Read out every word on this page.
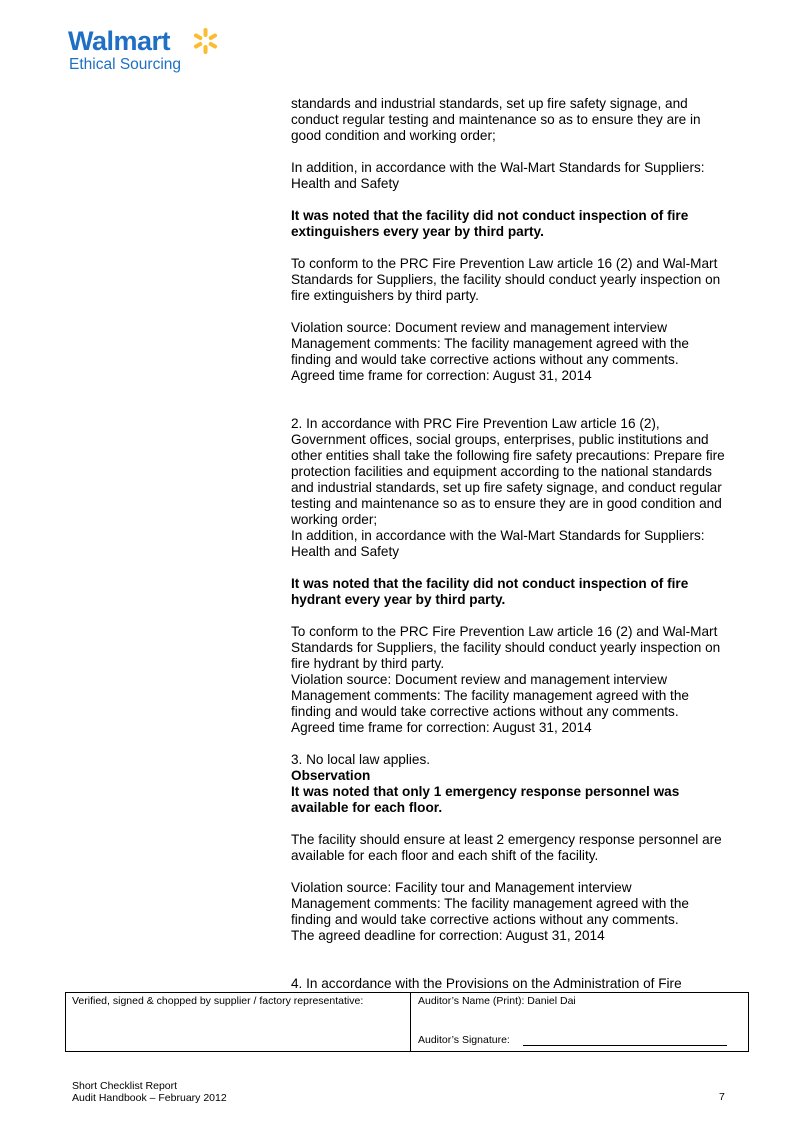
Walmart
Ethical Sourcing

standards and industrial standards, set up fire safety signage, and conduct regular testing and maintenance so as to ensure they are in good condition and working order;

In addition, in accordance with the Wal-Mart Standards for Suppliers: Health and Safety

It was noted that the facility did not conduct inspection of fire extinguishers every year by third party.

To conform to the PRC Fire Prevention Law article 16 (2) and Wal-Mart Standards for Suppliers, the facility should conduct yearly inspection on fire extinguishers by third party.

Violation source: Document review and management interview

Management comments: The facility management agreed with the finding and would take corrective actions without any comments.

Agreed time frame for correction: August 31, 2014

2. In accordance with PRC Fire Prevention Law article 16 (2), Government offices, social groups, enterprises, public institutions and other entities shall take the following fire safety precautions: Prepare fire protection facilities and equipment according to the national standards and industrial standards, set up fire safety signage, and conduct regular testing and maintenance so as to ensure they are in good condition and working order;

In addition, in accordance with the Wal-Mart Standards for Suppliers: Health and Safety

It was noted that the facility did not conduct inspection of fire hydrant every year by third party.

To conform to the PRC Fire Prevention Law article 16 (2) and Wal-Mart Standards for Suppliers, the facility should conduct yearly inspection on fire hydrant by third party.

Violation source: Document review and management interview

Management comments: The facility management agreed with the finding and would take corrective actions without any comments.

Agreed time frame for correction: August 31, 2014

3. No local law applies.

Observation

It was noted that only 1 emergency response personnel was available for each floor.

The facility should ensure at least 2 emergency response personnel are available for each floor and each shift of the facility.

Violation source: Facility tour and Management interview

Management comments: The facility management agreed with the finding and would take corrective actions without any comments.

The agreed deadline for correction: August 31, 2014

4. In accordance with the Provisions on the Administration of Fire

Verified, signed & chopped by supplier / factory representative:	Auditor’s Name (Print): Daniel Dai
Auditor’s Signature:
Short Checklist Report
Audit Handbook – February 2012	7
